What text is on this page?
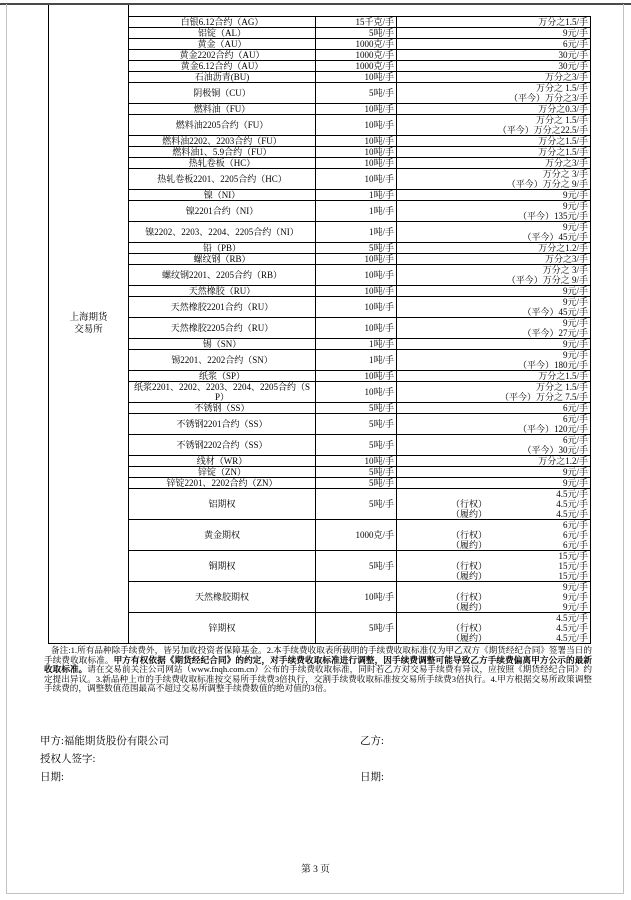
上海期货交易所
白银6.12合约（AG）	15千克/手	万分之1.5/手

铝锭（AL）	5吨/手	9元/手

黄金（AU）	1000克/手	6元/手

黄金2202合约（AU）	1000克/手	30元/手

黄金6.12合约（AU）	1000克/手	30元/手

石油沥青(BU)	10吨/手	万分之3/手

阴极铜（CU）	5吨/手	万分之 1.5/手
（平今）万分之3/手

燃料油（FU）	10吨/手	万分之0.3/手

燃料油2205合约（FU）	10吨/手	万分之 1.5/手
（平今）万分之22.5/手

燃料油2202、2203合约（FU）	10吨/手	万分之1.5/手

燃料油1、5.9合约（FU）	10吨/手	万分之1.5/手

热轧卷板（HC）	10吨/手	万分之3/手

热轧卷板2201、2205合约（HC）	10吨/手	万分之 3/手
（平今）万分之 9/手

镍（NI）	1吨/手	9元/手

镍2201合约（NI）	1吨/手	9元/手
（平今）135元/手

镍2202、2203、2204、2205合约（NI）	1吨/手	9元/手
（平今）45元/手

铅（PB）	5吨/手	万分之1.2/手

螺纹钢（RB）	10吨/手	万分之3/手

螺纹钢2201、2205合约（RB）	10吨/手	万分之 3/手
（平今）万分之 9/手

天然橡胶（RU）	10吨/手	9元/手

天然橡胶2201合约（RU）	10吨/手	9元/手
（平今）45元/手

天然橡胶2205合约（RU）	10吨/手	9元/手
（平今）27元/手

锡（SN）	1吨/手	9元/手

锡2201、2202合约（SN）	1吨/手	9元/手
（平今）180元/手

纸浆（SP）	10吨/手	万分之1.5/手

纸浆2201、2202、2203、2204、2205合约（SP）	10吨/手	万分之 1.5/手
（平今）万分之 7.5/手

不锈钢（SS）	5吨/手	6元/手

不锈钢2201合约（SS）	5吨/手	6元/手
（平今）120元/手

不锈钢2202合约（SS）	5吨/手	6元/手
（平今）30元/手

线材（WR）	10吨/手	万分之1.2/手

锌锭（ZN）	5吨/手	9元/手

锌锭2201、2202合约（ZN）	5吨/手	9元/手

铝期权	5吨/手	4.5元/手
（行权） 4.5元/手
（履约） 4.5元/手

黄金期权	1000克/手	6元/手
（行权） 6元/手
（履约） 6元/手

铜期权	5吨/手	15元/手
（行权） 15元/手
（履约） 15元/手

天然橡胶期权	10吨/手	9元/手
（行权） 9元/手
（履约） 9元/手

锌期权	5吨/手	4.5元/手
（行权） 4.5元/手
（履约） 4.5元/手
备注:1.所有品种除手续费外，皆另加收投资者保障基金。2.本手续费收取表所载明的手续费收取标准仅为甲乙双方《期货经纪合同》签署当日的手续费收取标准。甲方有权依据《期货经纪合同》的约定，对手续费收取标准进行调整，因手续费调整可能导致乙方手续费偏离甲方公示的最新收取标准。请在交易前关注公司网站（www.fnqh.com.cn）公布的手续费收取标准，同时若乙方对交易手续费有异议，应按照《期货经纪合同》约定提出异议。3.新品种上市的手续费收取标准按交易所手续费3倍执行，交割手续费收取标准按交易所手续费3倍执行。4.甲方根据交易所政策调整手续费的，调整数值范围最高不超过交易所调整手续费数值的绝对值的3倍。
甲方:福能期货股份有限公司	乙方:
授权人签字:
日期:	日期:
第 3 页
